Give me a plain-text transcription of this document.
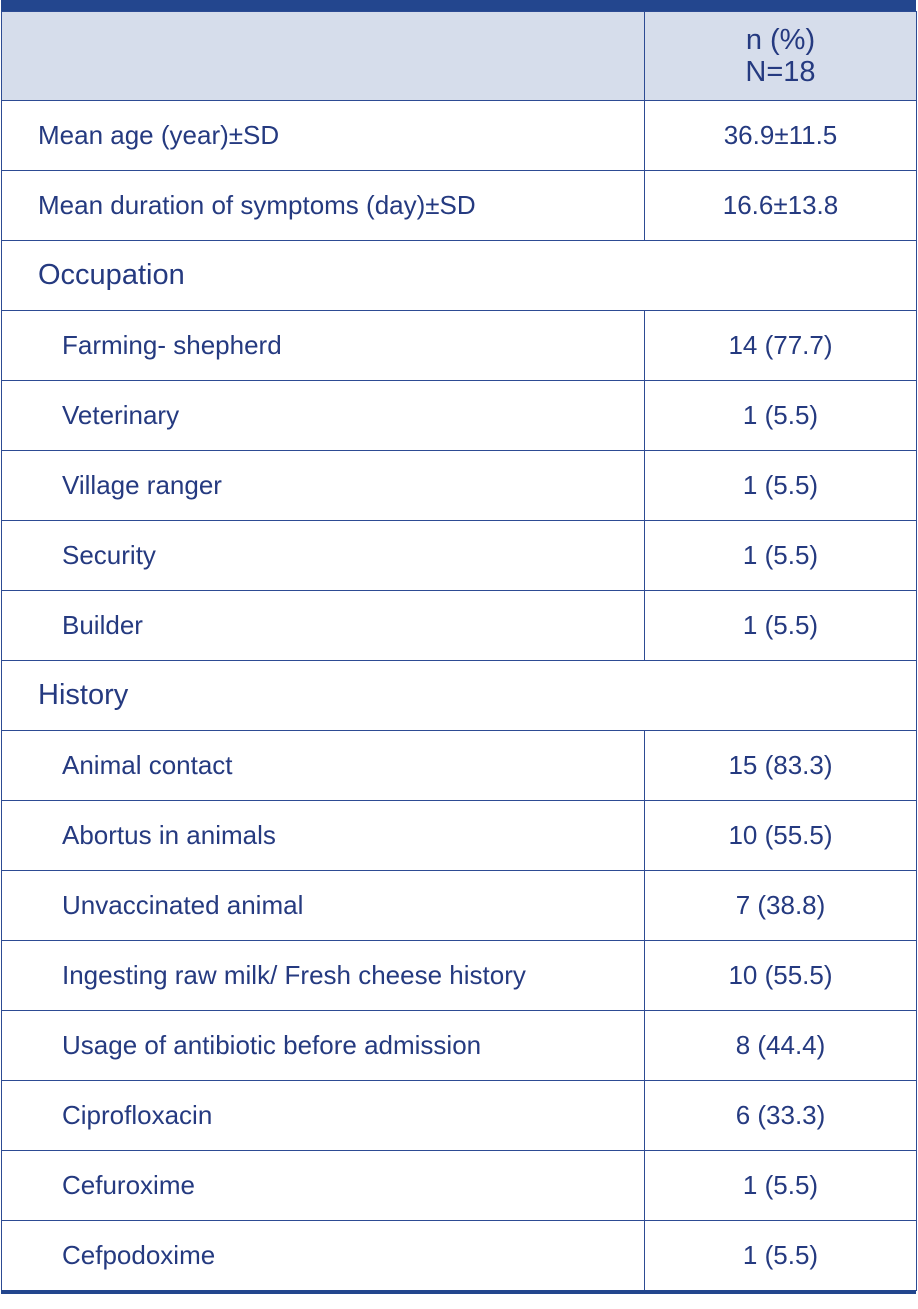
	n (%)
N=18

Mean age (year)±SD	36.9±11.5
Mean duration of symptoms (day)±SD	16.6±13.8
Occupation	
Farming- shepherd	14 (77.7)
Veterinary	1 (5.5)
Village ranger	1 (5.5)
Security	1 (5.5)
Builder	1 (5.5)
History	
Animal contact	15 (83.3)
Abortus in animals	10 (55.5)
Unvaccinated animal	7 (38.8)
Ingesting raw milk/ Fresh cheese history	10 (55.5)
Usage of antibiotic before admission	8 (44.4)
Ciprofloxacin	6 (33.3)
Cefuroxime	1 (5.5)
Cefpodoxime	1 (5.5)
